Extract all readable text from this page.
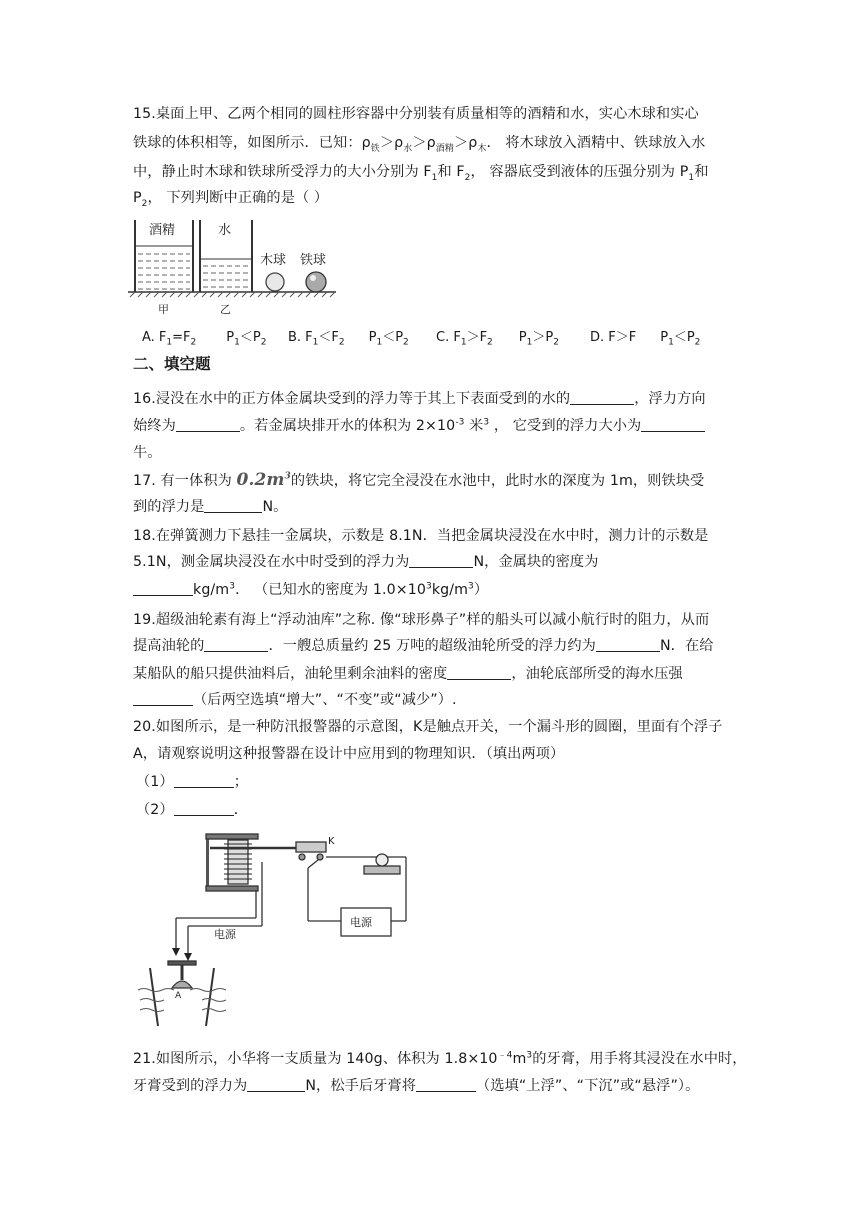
15.桌面上甲、乙两个相同的圆柱形容器中分别装有质量相等的酒精和水，实心木球和实心
铁球的体积相等，如图所示．已知：$\rho_铁>\rho_水>\rho_{酒精}>\rho_木$． 将木球放入酒精中、铁球放入水
中，静止时木球和铁球所受浮力的大小分别为 $F_1$和 $F_2$， 容器底受到液体的压强分别为 $P_1$和
$P_2$， 下列判断中正确的是（ ）
酒精	水
木球 铁球
甲	乙
A. $F_1=F_2$ $P_1<P_2$ B. $F_1<F_2$ $P_1<P_2$ C. $F_1>F_2$ $P_1>P_2$ D. F＞F $P_1<P_2$
二、填空题
16.浸没在水中的正方体金属块受到的浮力等于其上下表面受到的水的	，浮力方向
始终为	。若金属块排开水的体积为 $2\times 10^{-3}$ 米$^3$ ， 它受到的浮力大小为
牛。
17. 有一体积为 $0.2m^3$的铁块，将它完全浸没在水池中，此时水的深度为 1m，则铁块受
到的浮力是	N。
18.在弹簧测力下悬挂一金属块，示数是 8.1N．当把金属块浸没在水中时，测力计的示数是
5.1N，测金属块浸没在水中时受到的浮力为	N，金属块的密度为
$kg/m^3$． （已知水的密度为 $1.0\times 10^3kg/m^3$）
19.超级油轮素有海上“浮动油库”之称. 像“球形鼻子”样的船头可以减小航行时的阻力，从而
提高油轮的	．一艘总质量约 25 万吨的超级油轮所受的浮力约为	N．在给
某船队的船只提供油料后，油轮里剩余油料的密度	，油轮底部所受的海水压强
（后两空选填“增大”、“不变”或“减少”）.
20.如图所示，是一种防汛报警器的示意图，K是触点开关，一个漏斗形的圆圈，里面有个浮子
A，请观察说明这种报警器在设计中应用到的物理知识．（填出两项）
（1）	；
（2）	．
K
电源
电源
A
21.如图所示，小华将一支质量为 140g、体积为 $1.8\times 10^{﹣4}m^3$的牙膏，用手将其浸没在水中时，
牙膏受到的浮力为	N，松手后牙膏将	（选填“上浮”、“下沉”或“悬浮”）。
